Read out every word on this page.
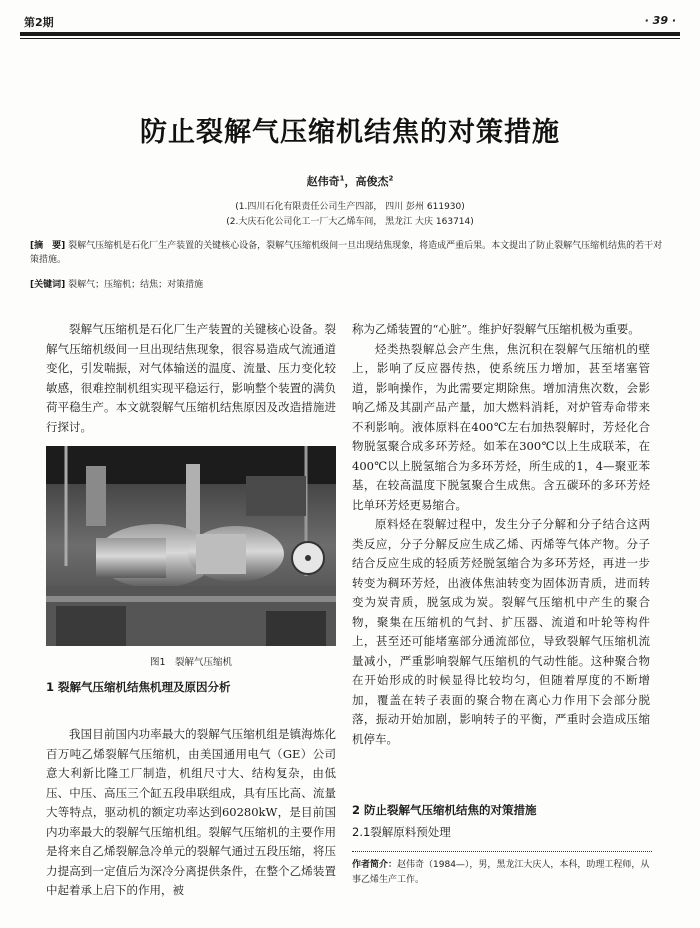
第2期	· 39 ·
防止裂解气压缩机结焦的对策措施
赵伟奇$^1$，高俊杰$^2$
(1.四川石化有限责任公司生产四部， 四川 彭州 611930)
(2.大庆石化公司化工一厂大乙烯车间， 黑龙江 大庆 163714)
[摘　要] 裂解气压缩机是石化厂生产装置的关键核心设备，裂解气压缩机级间一旦出现结焦现象，将造成严重后果。本文提出了防止裂解气压缩机结焦的若干对策措施。
[关键词] 裂解气；压缩机；结焦；对策措施

裂解气压缩机是石化厂生产装置的关键核心设备。裂解气压缩机级间一旦出现结焦现象，很容易造成气流通道变化，引发喘振，对气体输送的温度、流量、压力变化较敏感，很难控制机组实现平稳运行，影响整个装置的满负荷平稳生产。本文就裂解气压缩机结焦原因及改造措施进行探讨。

图1　裂解气压缩机
1 裂解气压缩机结焦机理及原因分析

我国目前国内功率最大的裂解气压缩机组是镇海炼化百万吨乙烯裂解气压缩机，由美国通用电气（GE）公司意大利新比隆工厂制造，机组尺寸大、结构复杂，由低压、中压、高压三个缸五段串联组成，具有压比高、流量大等特点，驱动机的额定功率达到60280kW，是目前国内功率最大的裂解气压缩机组。裂解气压缩机的主要作用是将来自乙烯裂解急冷单元的裂解气通过五段压缩，将压力提高到一定值后为深冷分离提供条件，在整个乙烯装置中起着承上启下的作用，被

称为乙烯装置的“心脏”。维护好裂解气压缩机极为重要。

烃类热裂解总会产生焦，焦沉积在裂解气压缩机的壁上，影响了反应器传热，使系统压力增加，甚至堵塞管道，影响操作，为此需要定期除焦。增加清焦次数，会影响乙烯及其副产品产量，加大燃料消耗，对炉管寿命带来不利影响。液体原料在400℃左右加热裂解时，芳烃化合物脱氢聚合成多环芳烃。如苯在300℃以上生成联苯，在400℃以上脱氢缩合为多环芳烃，所生成的1，4—聚亚苯基，在较高温度下脱氢聚合生成焦。含五碳环的多环芳烃比单环芳烃更易缩合。

原料烃在裂解过程中，发生分子分解和分子结合这两类反应，分子分解反应生成乙烯、丙烯等气体产物。分子结合反应生成的轻质芳烃脱氢缩合为多环芳烃，再进一步转变为稠环芳烃，出液体焦油转变为固体沥青质，进而转变为炭青质，脱氢成为炭。裂解气压缩机中产生的聚合物，聚集在压缩机的气封、扩压器、流道和叶轮等构件上，甚至还可能堵塞部分通流部位，导致裂解气压缩机流量减小，严重影响裂解气压缩机的气动性能。这种聚合物在开始形成的时候显得比较均匀，但随着厚度的不断增加，覆盖在转子表面的聚合物在离心力作用下会部分脱落，振动开始加剧，影响转子的平衡，严重时会造成压缩机停车。

2 防止裂解气压缩机结焦的对策措施
2.1裂解原料预处理
作者简介：赵伟奇（1984—），男，黑龙江大庆人，本科，助理工程师，从事乙烯生产工作。
